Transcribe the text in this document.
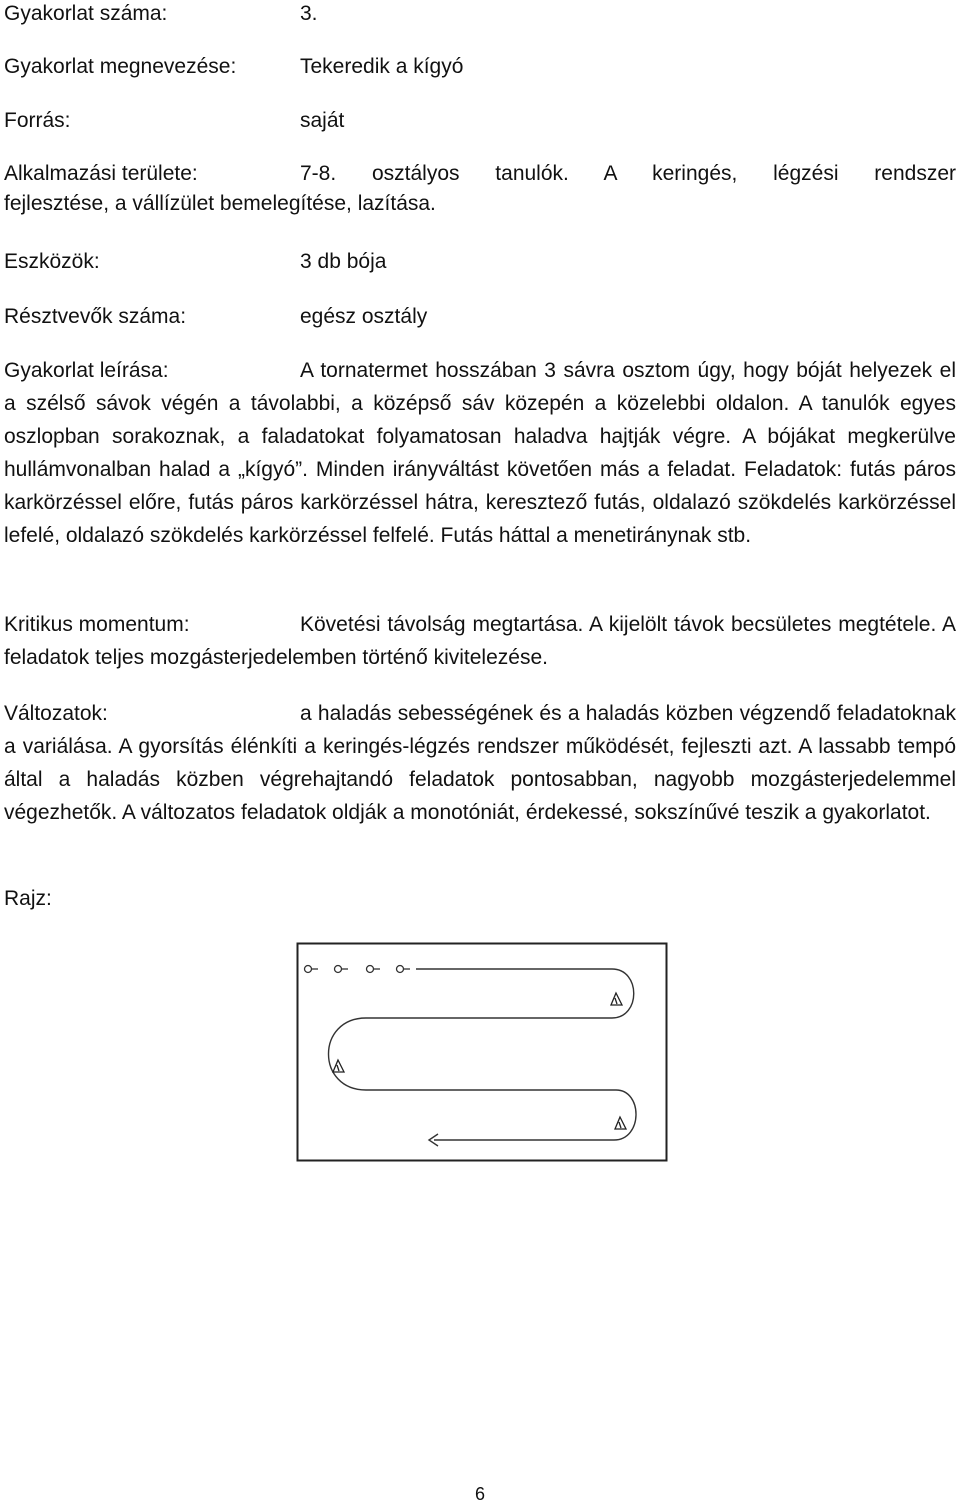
Gyakorlat száma:	3.
Gyakorlat megnevezése:	Tekeredik a kígyó
Forrás:	saját
Alkalmazási területe:	7-8. osztályos tanulók. A keringés, légzési rendszer
fejlesztése, a vállízület bemelegítése, lazítása.
Eszközök:	3 db bója
Résztvevők száma:	egész osztály
Gyakorlat leírása:	A tornatermet hosszában 3 sávra osztom úgy, hogy bóját helyezek el a szélső sávok végén a távolabbi, a középső sáv közepén a közelebbi oldalon. A tanulók egyes oszlopban sorakoznak, a faladatokat folyamatosan haladva hajtják végre. A bójákat megkerülve hullámvonalban halad a „kígyó”. Minden irányváltást követően más a feladat. Feladatok: futás páros karkörzéssel előre, futás páros karkörzéssel hátra, keresztező futás, oldalazó szökdelés karkörzéssel lefelé, oldalazó szökdelés karkörzéssel felfelé. Futás háttal a menetiránynak stb.
Kritikus momentum:	Követési távolság megtartása. A kijelölt távok becsületes megtétele. A feladatok teljes mozgásterjedelemben történő kivitelezése.
Változatok:	a haladás sebességének és a haladás közben végzendő feladatoknak a variálása. A gyorsítás élénkíti a keringés-légzés rendszer működését, fejleszti azt. A lassabb tempó által a haladás közben végrehajtandó feladatok pontosabban, nagyobb mozgásterjedelemmel végezhetők. A változatos feladatok oldják a monotóniát, érdekessé, sokszínűvé teszik a gyakorlatot.
Rajz:
6
